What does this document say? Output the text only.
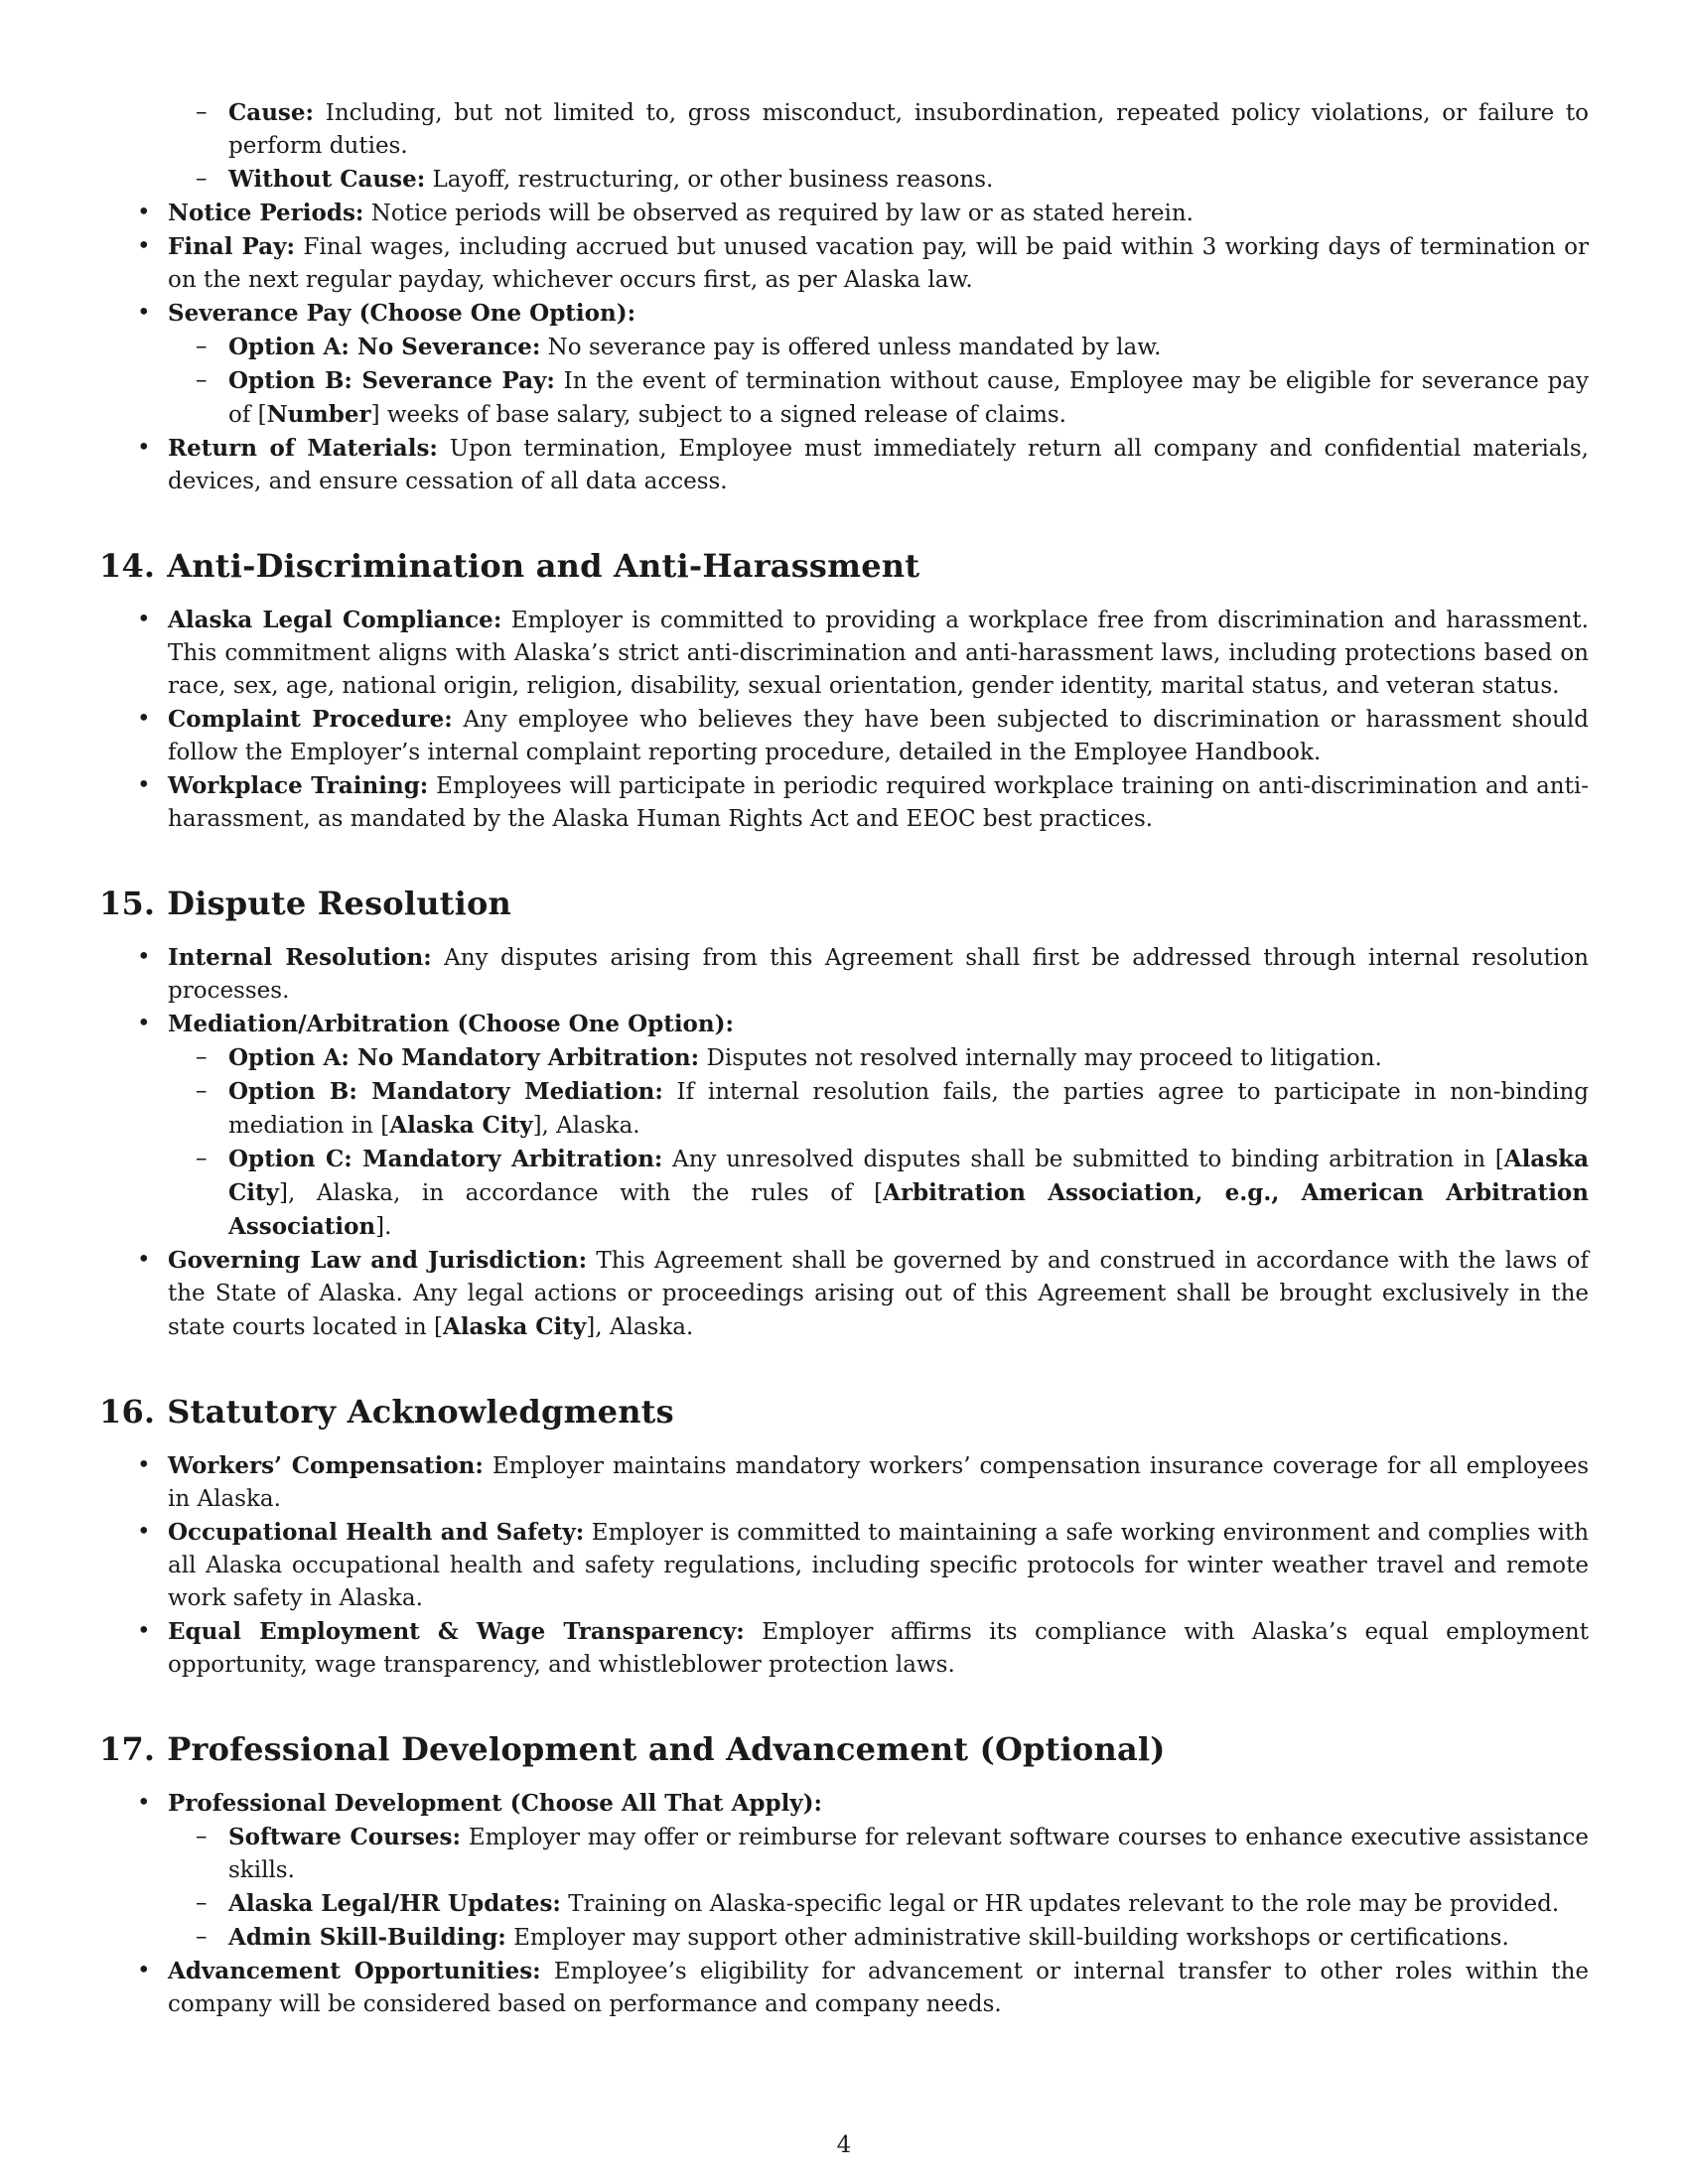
– Cause: Including, but not limited to, gross misconduct, insubordination, repeated policy violations, or failure to perform duties.
– Without Cause: Layoff, restructuring, or other business reasons.
• Notice Periods: Notice periods will be observed as required by law or as stated herein.
• Final Pay: Final wages, including accrued but unused vacation pay, will be paid within 3 working days of termination or on the next regular payday, whichever occurs first, as per Alaska law.
• Severance Pay (Choose One Option):
– Option A: No Severance: No severance pay is offered unless mandated by law.
– Option B: Severance Pay: In the event of termination without cause, Employee may be eligible for severance pay of [Number] weeks of base salary, subject to a signed release of claims.
• Return of Materials: Upon termination, Employee must immediately return all company and confidential materials, devices, and ensure cessation of all data access.
14. Anti-Discrimination and Anti-Harassment
• Alaska Legal Compliance: Employer is committed to providing a workplace free from discrimination and harassment. This commitment aligns with Alaska’s strict anti-discrimination and anti-harassment laws, including protections based on race, sex, age, national origin, religion, disability, sexual orientation, gender identity, marital status, and veteran status.
• Complaint Procedure: Any employee who believes they have been subjected to discrimination or harassment should follow the Employer’s internal complaint reporting procedure, detailed in the Employee Handbook.
• Workplace Training: Employees will participate in periodic required workplace training on anti-discrimination and anti-harassment, as mandated by the Alaska Human Rights Act and EEOC best practices.
15. Dispute Resolution
• Internal Resolution: Any disputes arising from this Agreement shall first be addressed through internal resolution processes.
• Mediation/Arbitration (Choose One Option):
– Option A: No Mandatory Arbitration: Disputes not resolved internally may proceed to litigation.
– Option B: Mandatory Mediation: If internal resolution fails, the parties agree to participate in non-binding mediation in [Alaska City], Alaska.
– Option C: Mandatory Arbitration: Any unresolved disputes shall be submitted to binding arbitration in [Alaska City], Alaska, in accordance with the rules of [Arbitration Association, e.g., American Arbitration Association].
• Governing Law and Jurisdiction: This Agreement shall be governed by and construed in accordance with the laws of the State of Alaska. Any legal actions or proceedings arising out of this Agreement shall be brought exclusively in the state courts located in [Alaska City], Alaska.
16. Statutory Acknowledgments
• Workers’ Compensation: Employer maintains mandatory workers’ compensation insurance coverage for all employees in Alaska.
• Occupational Health and Safety: Employer is committed to maintaining a safe working environment and complies with all Alaska occupational health and safety regulations, including specific protocols for winter weather travel and remote work safety in Alaska.
• Equal Employment & Wage Transparency: Employer affirms its compliance with Alaska’s equal employment opportunity, wage transparency, and whistleblower protection laws.
17. Professional Development and Advancement (Optional)
• Professional Development (Choose All That Apply):
– Software Courses: Employer may offer or reimburse for relevant software courses to enhance executive assistance skills.
– Alaska Legal/HR Updates: Training on Alaska-specific legal or HR updates relevant to the role may be provided.
– Admin Skill-Building: Employer may support other administrative skill-building workshops or certifications.
• Advancement Opportunities: Employee’s eligibility for advancement or internal transfer to other roles within the company will be considered based on performance and company needs.
4
